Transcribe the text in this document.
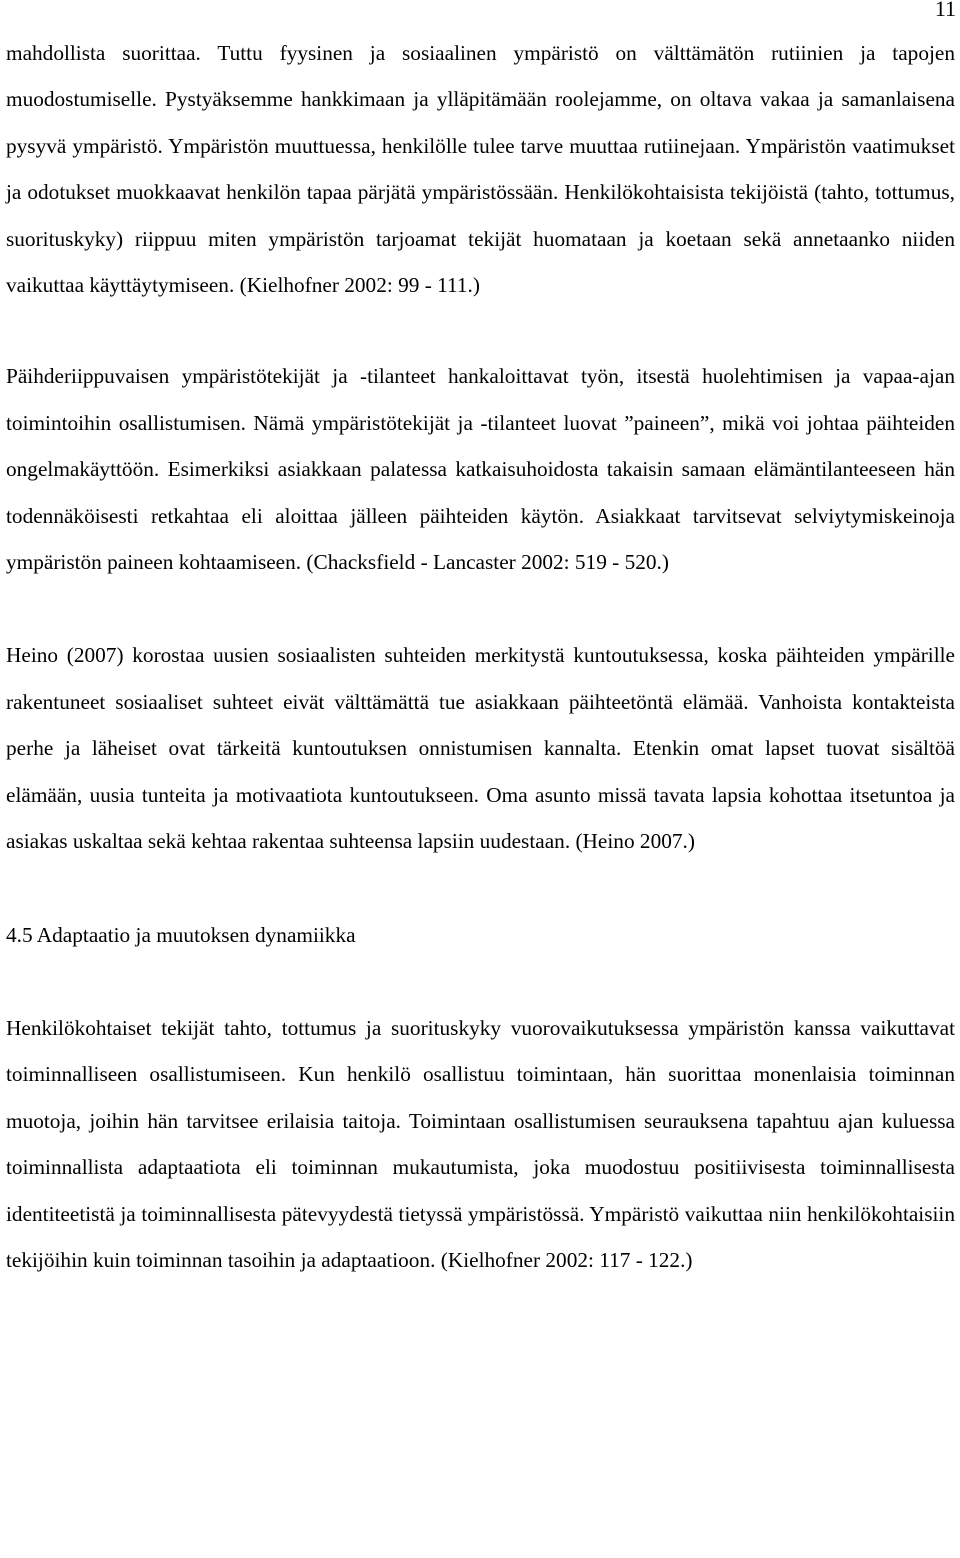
11

mahdollista suorittaa. Tuttu fyysinen ja sosiaalinen ympäristö on välttämätön rutiinien ja tapojen muodostumiselle. Pystyäksemme hankkimaan ja ylläpitämään roolejamme, on oltava vakaa ja samanlaisena pysyvä ympäristö. Ympäristön muuttuessa, henkilölle tulee tarve muuttaa rutiinejaan. Ympäristön vaatimukset ja odotukset muokkaavat henkilön tapaa pärjätä ympäristössään. Henkilökohtaisista tekijöistä (tahto, tottumus, suorituskyky) riippuu miten ympäristön tarjoamat tekijät huomataan ja koetaan sekä annetaanko niiden vaikuttaa käyttäytymiseen. (Kielhofner 2002: 99 - 111.)

Päihderiippuvaisen ympäristötekijät ja -tilanteet hankaloittavat työn, itsestä huolehtimisen ja vapaa-ajan toimintoihin osallistumisen. Nämä ympäristötekijät ja -tilanteet luovat ”paineen”, mikä voi johtaa päihteiden ongelmakäyttöön. Esimerkiksi asiakkaan palatessa katkaisuhoidosta takaisin samaan elämäntilanteeseen hän todennäköisesti retkahtaa eli aloittaa jälleen päihteiden käytön. Asiakkaat tarvitsevat selviytymiskeinoja ympäristön paineen kohtaamiseen. (Chacksfield - Lancaster 2002: 519 - 520.)

Heino (2007) korostaa uusien sosiaalisten suhteiden merkitystä kuntoutuksessa, koska päihteiden ympärille rakentuneet sosiaaliset suhteet eivät välttämättä tue asiakkaan päihteetöntä elämää. Vanhoista kontakteista perhe ja läheiset ovat tärkeitä kuntoutuksen onnistumisen kannalta. Etenkin omat lapset tuovat sisältöä elämään, uusia tunteita ja motivaatiota kuntoutukseen. Oma asunto missä tavata lapsia kohottaa itsetuntoa ja asiakas uskaltaa sekä kehtaa rakentaa suhteensa lapsiin uudestaan. (Heino 2007.)

4.5 Adaptaatio ja muutoksen dynamiikka

Henkilökohtaiset tekijät tahto, tottumus ja suorituskyky vuorovaikutuksessa ympäristön kanssa vaikuttavat toiminnalliseen osallistumiseen. Kun henkilö osallistuu toimintaan, hän suorittaa monenlaisia toiminnan muotoja, joihin hän tarvitsee erilaisia taitoja. Toimintaan osallistumisen seurauksena tapahtuu ajan kuluessa toiminnallista adaptaatiota eli toiminnan mukautumista, joka muodostuu positiivisesta toiminnallisesta identiteetistä ja toiminnallisesta pätevyydestä tietyssä ympäristössä. Ympäristö vaikuttaa niin henkilökohtaisiin tekijöihin kuin toiminnan tasoihin ja adaptaatioon. (Kielhofner 2002: 117 - 122.)
